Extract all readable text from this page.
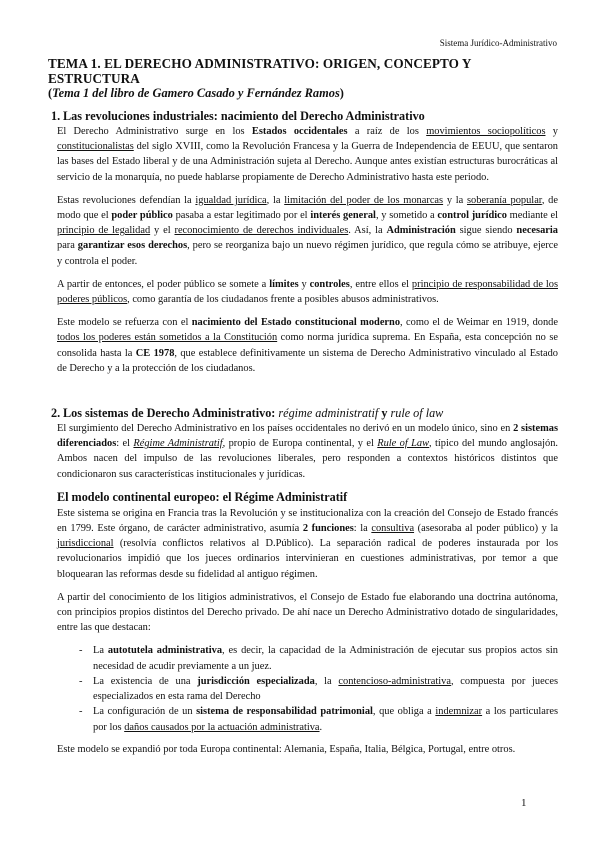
Sistema Jurídico-Administrativo
TEMA 1. EL DERECHO ADMINISTRATIVO: ORIGEN, CONCEPTO Y ESTRUCTURA
(Tema 1 del libro de Gamero Casado y Fernández Ramos)
1. Las revoluciones industriales: nacimiento del Derecho Administrativo
El Derecho Administrativo surge en los Estados occidentales a raíz de los movimientos sociopolíticos y constitucionalistas del siglo XVIII, como la Revolución Francesa y la Guerra de Independencia de EEUU, que sentaron las bases del Estado liberal y de una Administración sujeta al Derecho. Aunque antes existían estructuras burocráticas al servicio de la monarquía, no puede hablarse propiamente de Derecho Administrativo hasta este periodo.
Estas revoluciones defendían la igualdad jurídica, la limitación del poder de los monarcas y la soberanía popular, de modo que el poder público pasaba a estar legitimado por el interés general, y sometido a control jurídico mediante el principio de legalidad y el reconocimiento de derechos individuales. Así, la Administración sigue siendo necesaria para garantizar esos derechos, pero se reorganiza bajo un nuevo régimen jurídico, que regula cómo se atribuye, ejerce y controla el poder.
A partir de entonces, el poder público se somete a límites y controles, entre ellos el principio de responsabilidad de los poderes públicos, como garantía de los ciudadanos frente a posibles abusos administrativos.
Este modelo se refuerza con el nacimiento del Estado constitucional moderno, como el de Weimar en 1919, donde todos los poderes están sometidos a la Constitución como norma jurídica suprema. En España, esta concepción no se consolida hasta la CE 1978, que establece definitivamente un sistema de Derecho Administrativo vinculado al Estado de Derecho y a la protección de los ciudadanos.
2. Los sistemas de Derecho Administrativo: régime administratif y rule of law
El surgimiento del Derecho Administrativo en los países occidentales no derivó en un modelo único, sino en 2 sistemas diferenciados: el Régime Administratif, propio de Europa continental, y el Rule of Law, típico del mundo anglosajón. Ambos nacen del impulso de las revoluciones liberales, pero responden a contextos históricos distintos que condicionaron sus características institucionales y jurídicas.
El modelo continental europeo: el Régime Administratif
Este sistema se origina en Francia tras la Revolución y se institucionaliza con la creación del Consejo de Estado francés en 1799. Este órgano, de carácter administrativo, asumía 2 funciones: la consultiva (asesoraba al poder público) y la jurisdiccional (resolvía conflictos relativos al D.Público). La separación radical de poderes instaurada por los revolucionarios impidió que los jueces ordinarios intervinieran en cuestiones administrativas, por temor a que bloquearan las reformas desde su fidelidad al antiguo régimen.
A partir del conocimiento de los litigios administrativos, el Consejo de Estado fue elaborando una doctrina autónoma, con principios propios distintos del Derecho privado. De ahí nace un Derecho Administrativo dotado de singularidades, entre las que destacan:
-	La autotutela administrativa, es decir, la capacidad de la Administración de ejecutar sus propios actos sin necesidad de acudir previamente a un juez.
-	La existencia de una jurisdicción especializada, la contencioso-administrativa, compuesta por jueces especializados en esta rama del Derecho
-	La configuración de un sistema de responsabilidad patrimonial, que obliga a indemnizar a los particulares por los daños causados por la actuación administrativa.
Este modelo se expandió por toda Europa continental: Alemania, España, Italia, Bélgica, Portugal, entre otros.
1
